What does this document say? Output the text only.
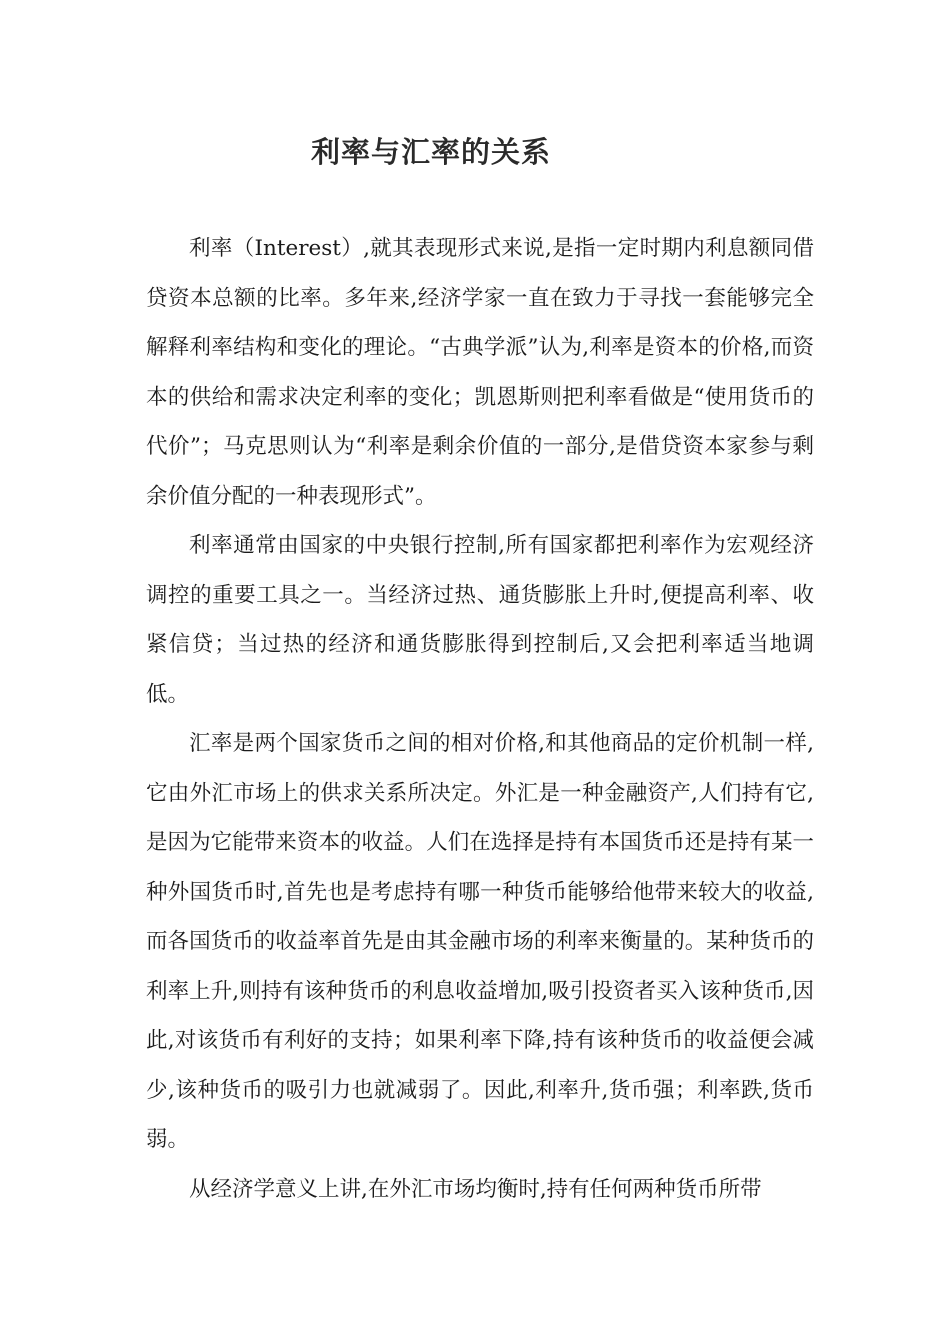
利率与汇率的关系

利率（Interest）,就其表现形式来说,是指一定时期内利息额同借贷资本总额的比率。多年来,经济学家一直在致力于寻找一套能够完全解释利率结构和变化的理论。“古典学派”认为,利率是资本的价格,而资本的供给和需求决定利率的变化；凯恩斯则把利率看做是“使用货币的代价”；马克思则认为“利率是剩余价值的一部分,是借贷资本家参与剩余价值分配的一种表现形式”。

利率通常由国家的中央银行控制,所有国家都把利率作为宏观经济调控的重要工具之一。当经济过热、通货膨胀上升时,便提高利率、收紧信贷；当过热的经济和通货膨胀得到控制后,又会把利率适当地调低。

汇率是两个国家货币之间的相对价格,和其他商品的定价机制一样,它由外汇市场上的供求关系所决定。外汇是一种金融资产,人们持有它,是因为它能带来资本的收益。人们在选择是持有本国货币还是持有某一种外国货币时,首先也是考虑持有哪一种货币能够给他带来较大的收益,而各国货币的收益率首先是由其金融市场的利率来衡量的。某种货币的利率上升,则持有该种货币的利息收益增加,吸引投资者买入该种货币,因此,对该货币有利好的支持；如果利率下降,持有该种货币的收益便会减少,该种货币的吸引力也就减弱了。因此,利率升,货币强；利率跌,货币弱。

从经济学意义上讲,在外汇市场均衡时,持有任何两种货币所带
